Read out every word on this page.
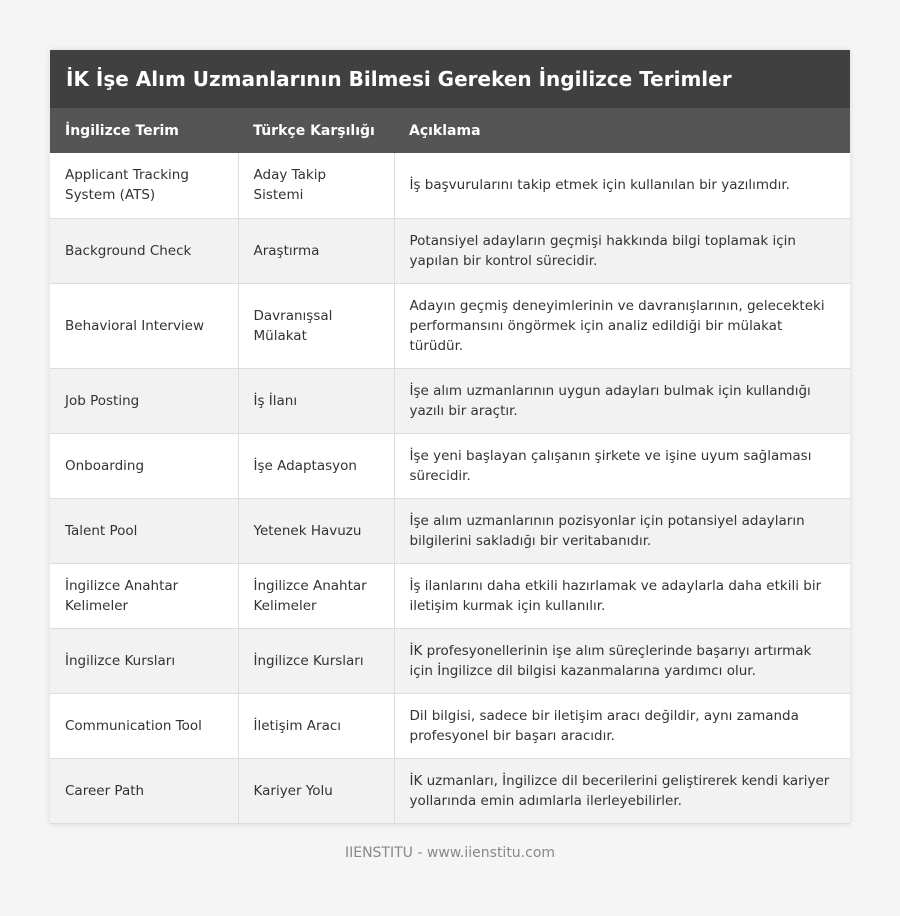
İK İşe Alım Uzmanlarının Bilmesi Gereken İngilizce Terimler
İngilizce Terim	Türkçe Karşılığı	Açıklama
Applicant Tracking System (ATS)	Aday Takip Sistemi	İş başvurularını takip etmek için kullanılan bir yazılımdır.
Background Check	Araştırma	Potansiyel adayların geçmişi hakkında bilgi toplamak için yapılan bir kontrol sürecidir.
Behavioral Interview	Davranışsal Mülakat	Adayın geçmiş deneyimlerinin ve davranışlarının, gelecekteki performansını öngörmek için analiz edildiği bir mülakat türüdür.
Job Posting	İş İlanı	İşe alım uzmanlarının uygun adayları bulmak için kullandığı yazılı bir araçtır.
Onboarding	İşe Adaptasyon	İşe yeni başlayan çalışanın şirkete ve işine uyum sağlaması sürecidir.
Talent Pool	Yetenek Havuzu	İşe alım uzmanlarının pozisyonlar için potansiyel adayların bilgilerini sakladığı bir veritabanıdır.
İngilizce Anahtar Kelimeler	İngilizce Anahtar Kelimeler	İş ilanlarını daha etkili hazırlamak ve adaylarla daha etkili bir iletişim kurmak için kullanılır.
İngilizce Kursları	İngilizce Kursları	İK profesyonellerinin işe alım süreçlerinde başarıyı artırmak için İngilizce dil bilgisi kazanmalarına yardımcı olur.
Communication Tool	İletişim Aracı	Dil bilgisi, sadece bir iletişim aracı değildir, aynı zamanda profesyonel bir başarı aracıdır.
Career Path	Kariyer Yolu	İK uzmanları, İngilizce dil becerilerini geliştirerek kendi kariyer yollarında emin adımlarla ilerleyebilirler.
IIENSTITU - www.iienstitu.com
